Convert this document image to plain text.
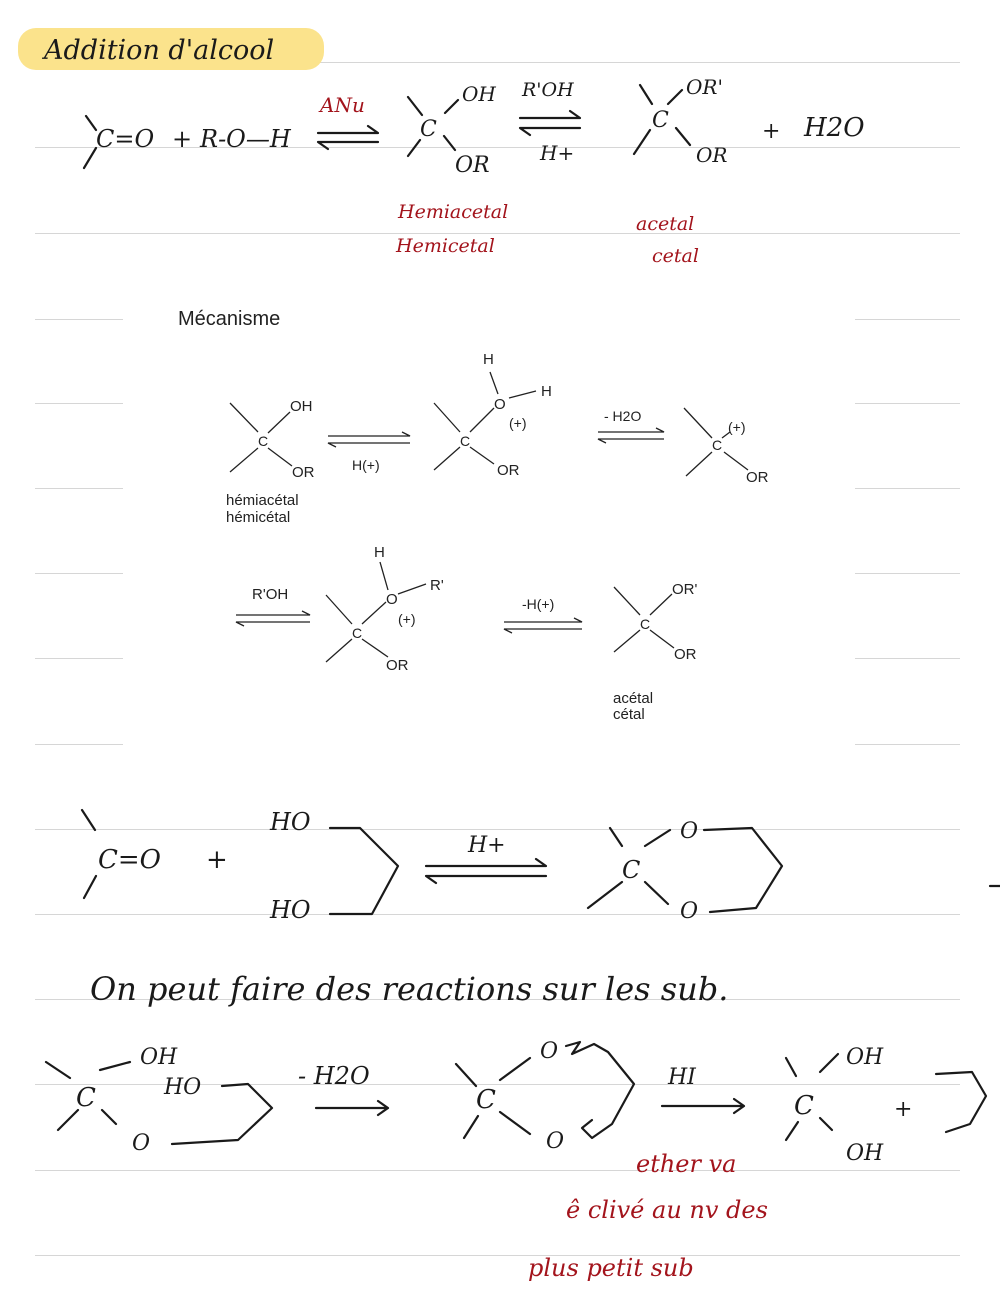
Addition d'alcool
C=O + R-O—H
ANu
C
OH
OR
R'OH
H+
C
OR'
OR
+ H2O
Hemiacetal
Hemicetal
acetal
cetal
Mécanisme
C
OH
OR
hémiacétal
hémicétal
H(+)
C
O
H
H
(+)
OR
- H2O
C
(+)
OR
R'OH
C
O
H
R'
(+)
OR
-H(+)
C
OR'
OR
acétal
cétal
C=O +
HO
HO
H+
C
O
O
On peut faire des reactions sur les sub.
C
OH
HO
O
- H2O
C
O
O
HI
C
OH
OH
+
ether va
ê clivé au nv des
plus petit sub
